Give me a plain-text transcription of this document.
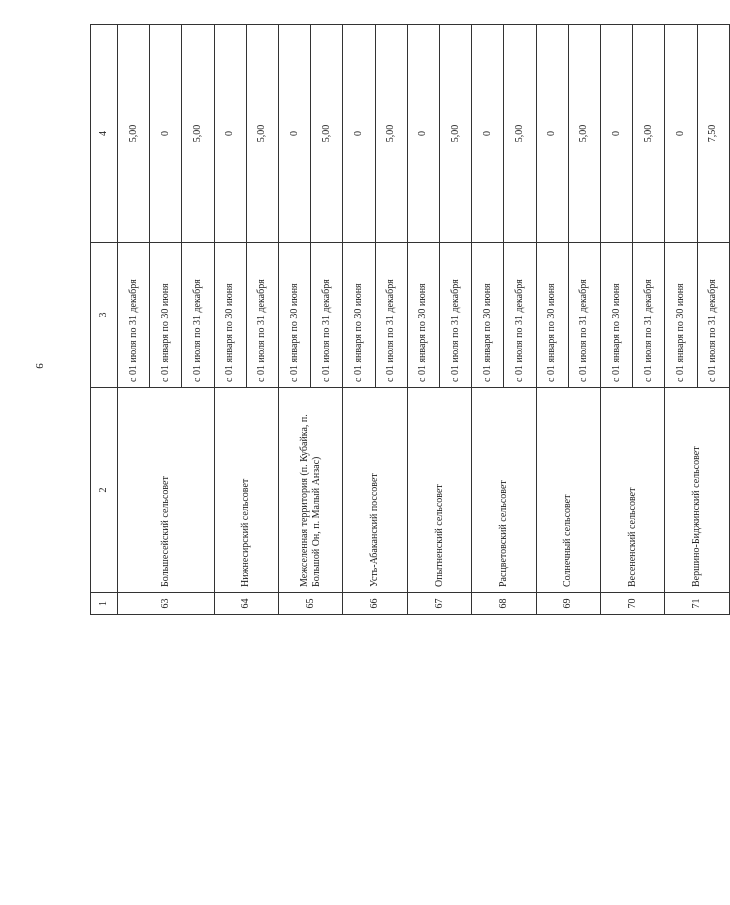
9
1	2	3	4
63	Большесейский сельсовет	с 01 июля по 31 декабря	5,00
		с 01 января по 30 июня	0
		с 01 июля по 31 декабря	5,00
64	Нижнесирский сельсовет	с 01 января по 30 июня	0
		с 01 июля по 31 декабря	5,00
65	Межселенная территория (п. Кубайка, п. Большой Он, п. Малый Анзас)	с 01 января по 30 июня	0
		с 01 июля по 31 декабря	5,00
66	Усть-Абаканский поссовет	с 01 января по 30 июня	0
		с 01 июля по 31 декабря	5,00
67	Опытненский сельсовет	с 01 января по 30 июня	0
		с 01 июля по 31 декабря	5,00
68	Расцветовский сельсовет	с 01 января по 30 июня	0
		с 01 июля по 31 декабря	5,00
69	Солнечный сельсовет	с 01 января по 30 июня	0
		с 01 июля по 31 декабря	5,00
70	Весененский сельсовет	с 01 января по 30 июня	0
		с 01 июля по 31 декабря	5,00
71	Вершино-Биджинский сельсовет	с 01 января по 30 июня	0
		с 01 июля по 31 декабря	7,50
